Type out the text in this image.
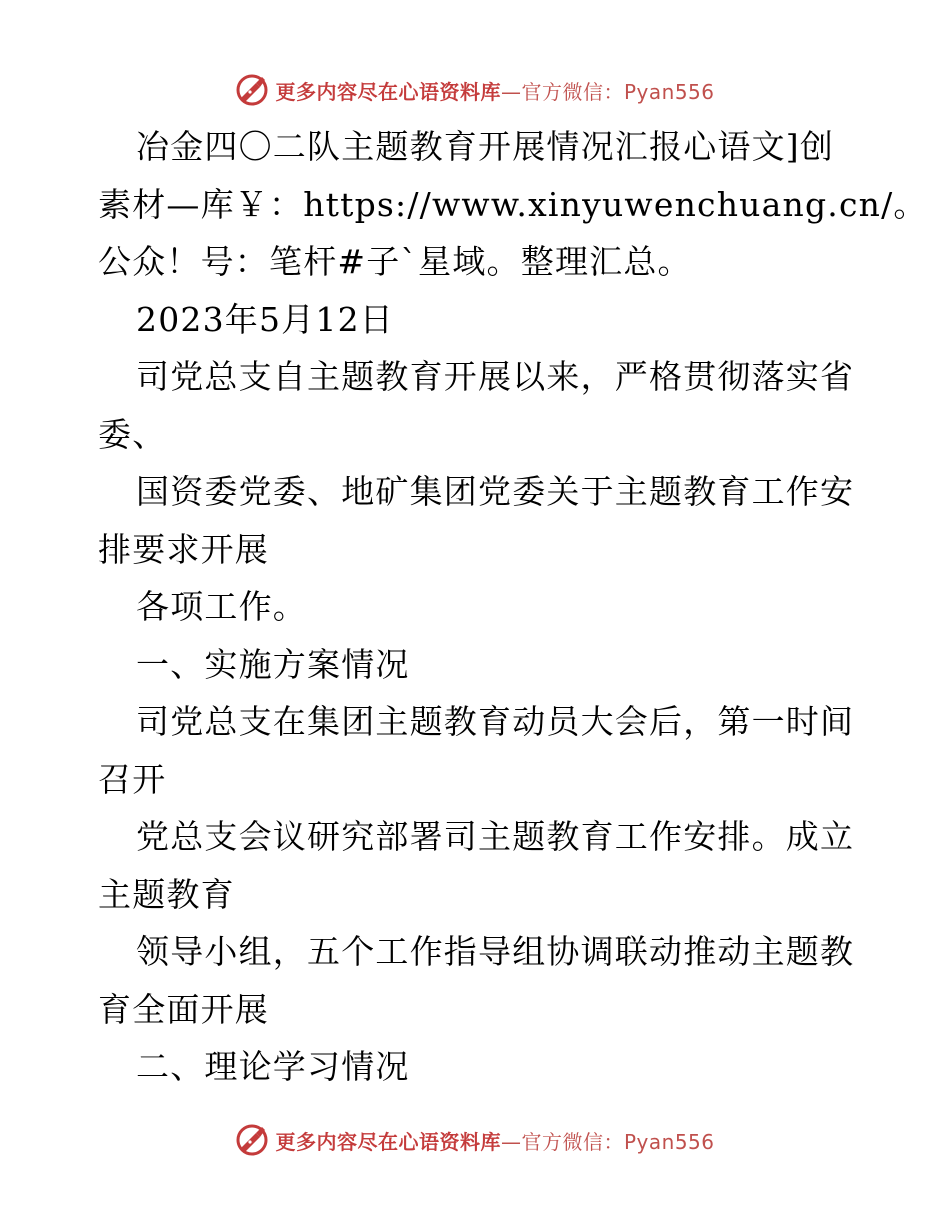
更多内容尽在心语资料库—官方微信：Pyan556
冶金四〇二队主题教育开展情况汇报心语文]创
素材—库￥：https://www.xinyuwenchuang.cn/。
公众！号：笔杆#子`星域。整理汇总。
2023年5月12日
司党总支自主题教育开展以来，严格贯彻落实省
委、
国资委党委、地矿集团党委关于主题教育工作安
排要求开展
各项工作。
一、实施方案情况
司党总支在集团主题教育动员大会后，第一时间
召开
党总支会议研究部署司主题教育工作安排。成立
主题教育
领导小组，五个工作指导组协调联动推动主题教
育全面开展
二、理论学习情况
更多内容尽在心语资料库—官方微信：Pyan556
